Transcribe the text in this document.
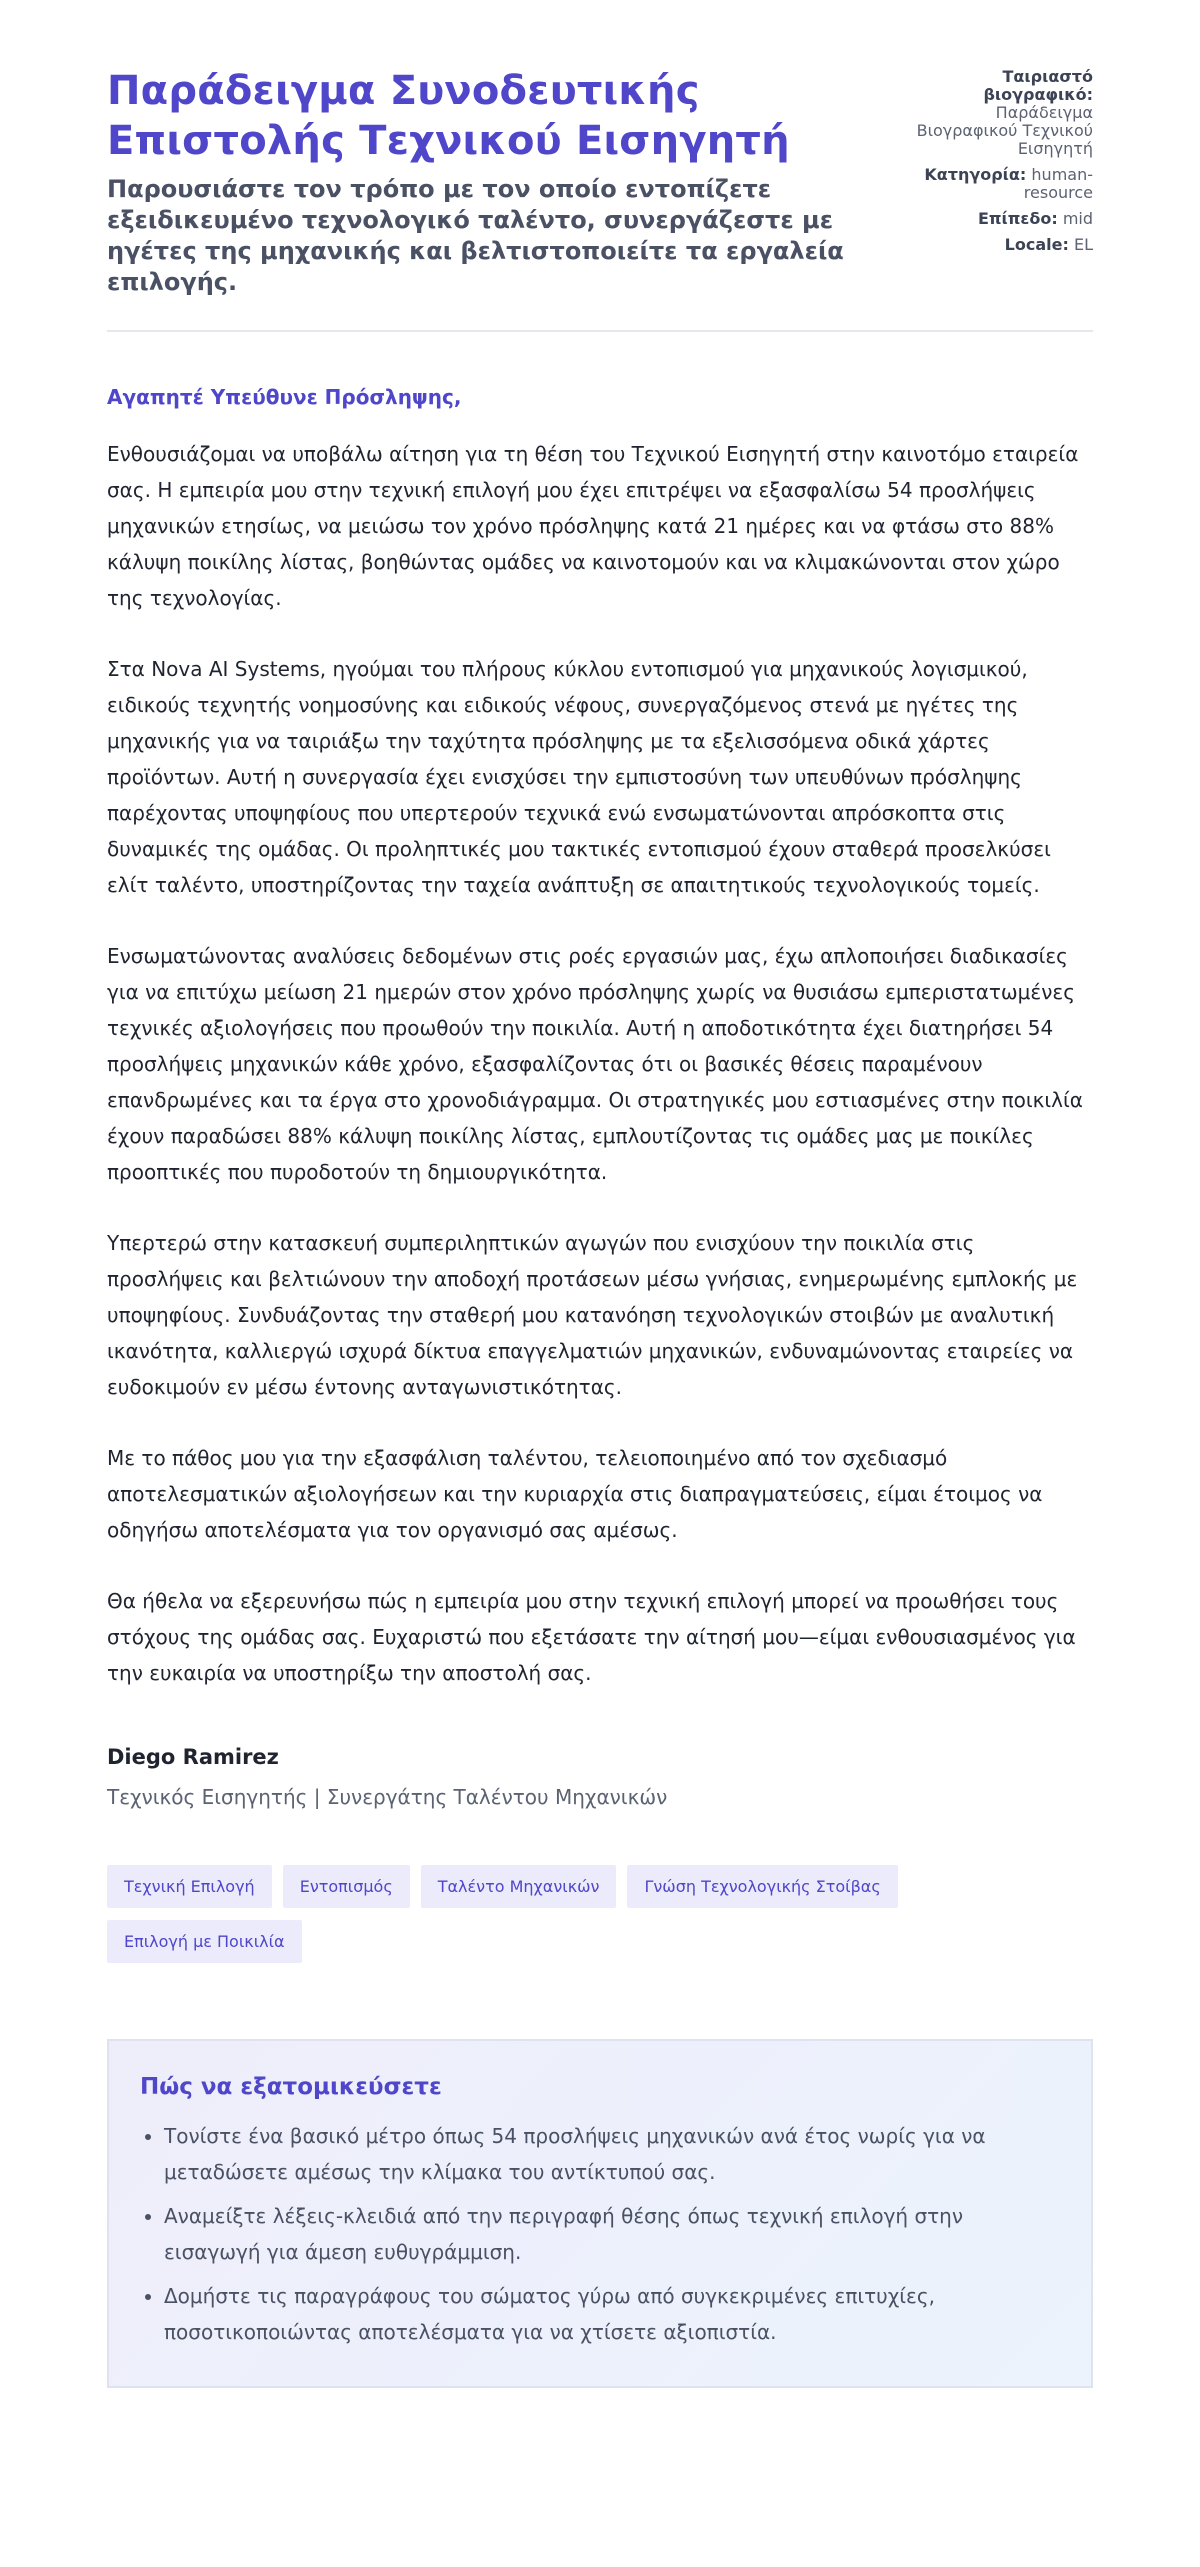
Παράδειγμα Συνοδευτικής Επιστολής Τεχνικού Εισηγητή

Παρουσιάστε τον τρόπο με τον οποίο εντοπίζετε εξειδικευμένο τεχνολογικό ταλέντο, συνεργάζεστε με ηγέτες της μηχανικής και βελτιστοποιείτε τα εργαλεία επιλογής.

Ταιριαστό βιογραφικό: Παράδειγμα Βιογραφικού Τεχνικού Εισηγητή
Κατηγορία: human-resource
Επίπεδο: mid
Locale: EL

Αγαπητέ Υπεύθυνε Πρόσληψης,

Ενθουσιάζομαι να υποβάλω αίτηση για τη θέση του Τεχνικού Εισηγητή στην καινοτόμο εταιρεία σας. Η εμπειρία μου στην τεχνική επιλογή μου έχει επιτρέψει να εξασφαλίσω 54 προσλήψεις μηχανικών ετησίως, να μειώσω τον χρόνο πρόσληψης κατά 21 ημέρες και να φτάσω στο 88% κάλυψη ποικίλης λίστας, βοηθώντας ομάδες να καινοτομούν και να κλιμακώνονται στον χώρο της τεχνολογίας.

Στα Nova AI Systems, ηγούμαι του πλήρους κύκλου εντοπισμού για μηχανικούς λογισμικού, ειδικούς τεχνητής νοημοσύνης και ειδικούς νέφους, συνεργαζόμενος στενά με ηγέτες της μηχανικής για να ταιριάξω την ταχύτητα πρόσληψης με τα εξελισσόμενα οδικά χάρτες προϊόντων. Αυτή η συνεργασία έχει ενισχύσει την εμπιστοσύνη των υπευθύνων πρόσληψης παρέχοντας υποψηφίους που υπερτερούν τεχνικά ενώ ενσωματώνονται απρόσκοπτα στις δυναμικές της ομάδας. Οι προληπτικές μου τακτικές εντοπισμού έχουν σταθερά προσελκύσει ελίτ ταλέντο, υποστηρίζοντας την ταχεία ανάπτυξη σε απαιτητικούς τεχνολογικούς τομείς.

Ενσωματώνοντας αναλύσεις δεδομένων στις ροές εργασιών μας, έχω απλοποιήσει διαδικασίες για να επιτύχω μείωση 21 ημερών στον χρόνο πρόσληψης χωρίς να θυσιάσω εμπεριστατωμένες τεχνικές αξιολογήσεις που προωθούν την ποικιλία. Αυτή η αποδοτικότητα έχει διατηρήσει 54 προσλήψεις μηχανικών κάθε χρόνο, εξασφαλίζοντας ότι οι βασικές θέσεις παραμένουν επανδρωμένες και τα έργα στο χρονοδιάγραμμα. Οι στρατηγικές μου εστιασμένες στην ποικιλία έχουν παραδώσει 88% κάλυψη ποικίλης λίστας, εμπλουτίζοντας τις ομάδες μας με ποικίλες προοπτικές που πυροδοτούν τη δημιουργικότητα.

Υπερτερώ στην κατασκευή συμπεριληπτικών αγωγών που ενισχύουν την ποικιλία στις προσλήψεις και βελτιώνουν την αποδοχή προτάσεων μέσω γνήσιας, ενημερωμένης εμπλοκής με υποψηφίους. Συνδυάζοντας την σταθερή μου κατανόηση τεχνολογικών στοιβών με αναλυτική ικανότητα, καλλιεργώ ισχυρά δίκτυα επαγγελματιών μηχανικών, ενδυναμώνοντας εταιρείες να ευδοκιμούν εν μέσω έντονης ανταγωνιστικότητας.

Με το πάθος μου για την εξασφάλιση ταλέντου, τελειοποιημένο από τον σχεδιασμό αποτελεσματικών αξιολογήσεων και την κυριαρχία στις διαπραγματεύσεις, είμαι έτοιμος να οδηγήσω αποτελέσματα για τον οργανισμό σας αμέσως.

Θα ήθελα να εξερευνήσω πώς η εμπειρία μου στην τεχνική επιλογή μπορεί να προωθήσει τους στόχους της ομάδας σας. Ευχαριστώ που εξετάσατε την αίτησή μου—είμαι ενθουσιασμένος για την ευκαιρία να υποστηρίξω την αποστολή σας.

Diego Ramirez
Τεχνικός Εισηγητής | Συνεργάτης Ταλέντου Μηχανικών
Τεχνική Επιλογή	Εντοπισμός	Ταλέντο Μηχανικών	Γνώση Τεχνολογικής Στοίβας
Επιλογή με Ποικιλία
Πώς να εξατομικεύσετε
• Τονίστε ένα βασικό μέτρο όπως 54 προσλήψεις μηχανικών ανά έτος νωρίς για να μεταδώσετε αμέσως την κλίμακα του αντίκτυπού σας.
• Αναμείξτε λέξεις-κλειδιά από την περιγραφή θέσης όπως τεχνική επιλογή στην εισαγωγή για άμεση ευθυγράμμιση.
• Δομήστε τις παραγράφους του σώματος γύρω από συγκεκριμένες επιτυχίες, ποσοτικοποιώντας αποτελέσματα για να χτίσετε αξιοπιστία.
